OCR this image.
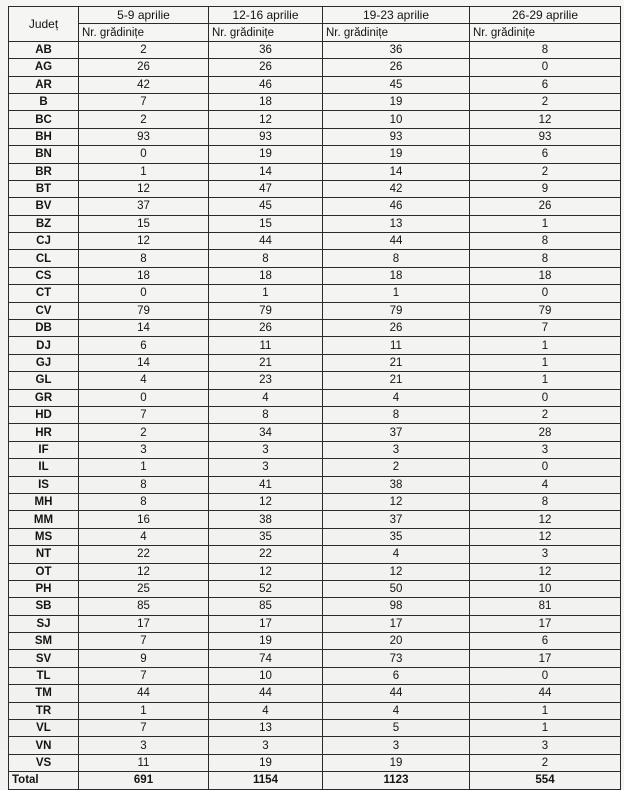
Județ	5-9 aprilie	12-16 aprilie	19-23 aprilie	26-29 aprilie
	Nr. grădinițe	Nr. grădinițe	Nr. grădinițe	Nr. grădinițe
AB	2	36	36	8
AG	26	26	26	0
AR	42	46	45	6
B	7	18	19	2
BC	2	12	10	12
BH	93	93	93	93
BN	0	19	19	6
BR	1	14	14	2
BT	12	47	42	9
BV	37	45	46	26
BZ	15	15	13	1
CJ	12	44	44	8
CL	8	8	8	8
CS	18	18	18	18
CT	0	1	1	0
CV	79	79	79	79
DB	14	26	26	7
DJ	6	11	11	1
GJ	14	21	21	1
GL	4	23	21	1
GR	0	4	4	0
HD	7	8	8	2
HR	2	34	37	28
IF	3	3	3	3
IL	1	3	2	0
IS	8	41	38	4
MH	8	12	12	8
MM	16	38	37	12
MS	4	35	35	12
NT	22	22	4	3
OT	12	12	12	12
PH	25	52	50	10
SB	85	85	98	81
SJ	17	17	17	17
SM	7	19	20	6
SV	9	74	73	17
TL	7	10	6	0
TM	44	44	44	44
TR	1	4	4	1
VL	7	13	5	1
VN	3	3	3	3
VS	11	19	19	2
Total	691	1154	1123	554
